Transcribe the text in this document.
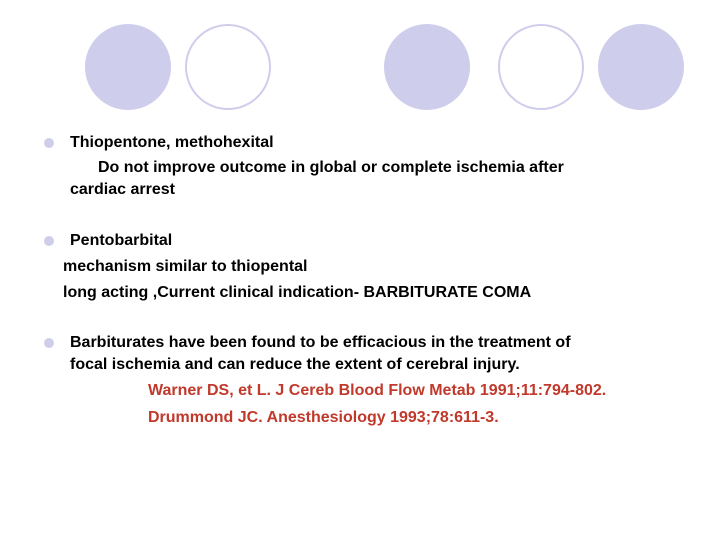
Thiopentone, methohexital
Do not improve outcome in global or complete ischemia after
cardiac arrest
Pentobarbital
mechanism similar to thiopental
long acting ,Current clinical indication- BARBITURATE COMA
Barbiturates have been found to be efficacious in the treatment of
focal ischemia and can reduce the extent of cerebral injury.
Warner DS, et L. J Cereb Blood Flow Metab 1991;11:794-802.
Drummond JC. Anesthesiology 1993;78:611-3.
